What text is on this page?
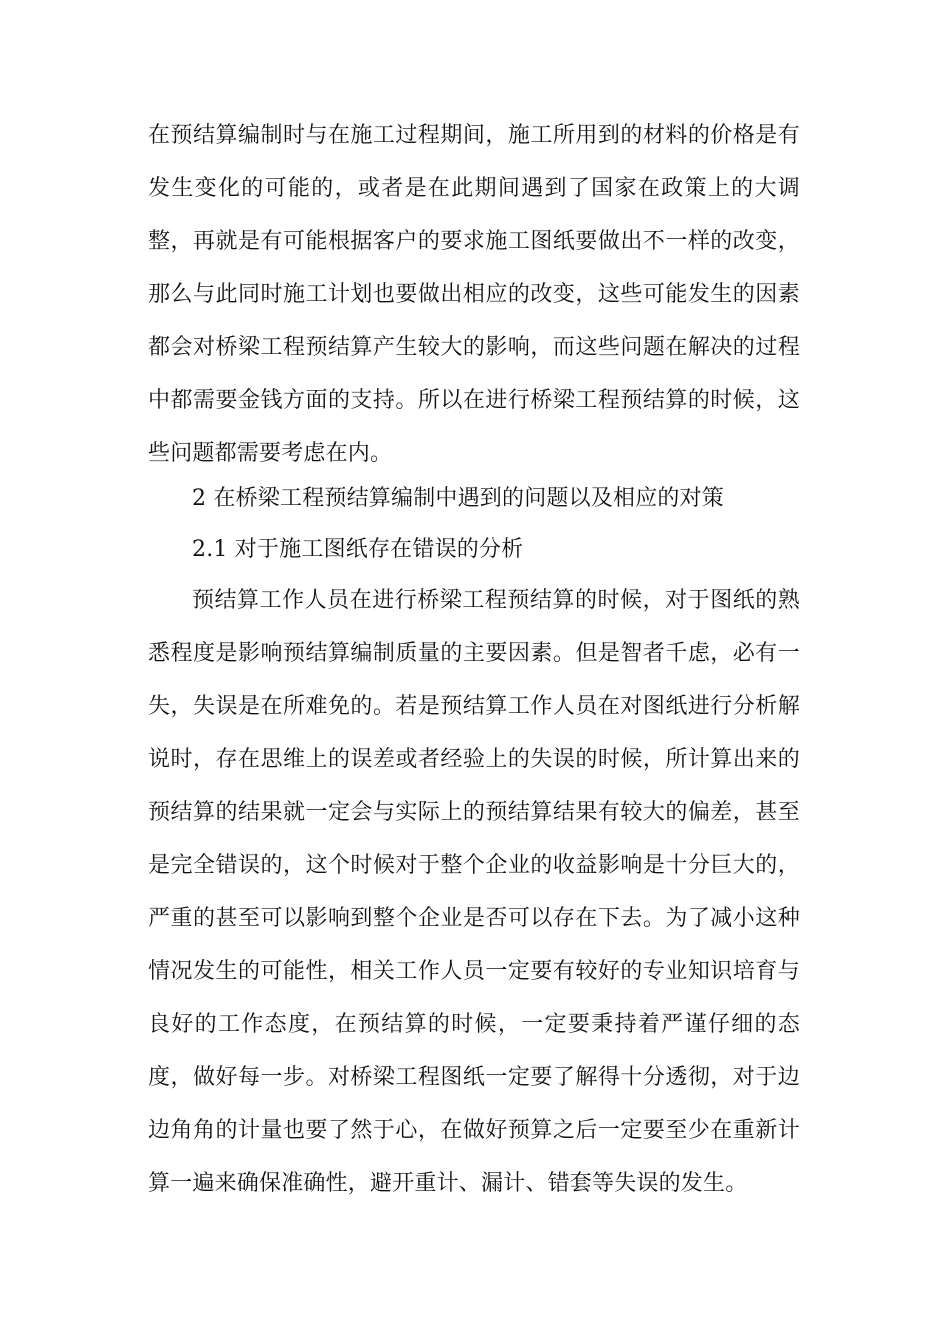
在预结算编制时与在施工过程期间，施工所用到的材料的价格是有
发生变化的可能的，或者是在此期间遇到了国家在政策上的大调
整，再就是有可能根据客户的要求施工图纸要做出不一样的改变，
那么与此同时施工计划也要做出相应的改变，这些可能发生的因素
都会对桥梁工程预结算产生较大的影响，而这些问题在解决的过程
中都需要金钱方面的支持。所以在进行桥梁工程预结算的时候，这
些问题都需要考虑在内。
2 在桥梁工程预结算编制中遇到的问题以及相应的对策
2.1 对于施工图纸存在错误的分析
预结算工作人员在进行桥梁工程预结算的时候，对于图纸的熟
悉程度是影响预结算编制质量的主要因素。但是智者千虑，必有一
失，失误是在所难免的。若是预结算工作人员在对图纸进行分析解
说时，存在思维上的误差或者经验上的失误的时候，所计算出来的
预结算的结果就一定会与实际上的预结算结果有较大的偏差，甚至
是完全错误的，这个时候对于整个企业的收益影响是十分巨大的，
严重的甚至可以影响到整个企业是否可以存在下去。为了减小这种
情况发生的可能性，相关工作人员一定要有较好的专业知识培育与
良好的工作态度，在预结算的时候，一定要秉持着严谨仔细的态
度，做好每一步。对桥梁工程图纸一定要了解得十分透彻，对于边
边角角的计量也要了然于心，在做好预算之后一定要至少在重新计
算一遍来确保准确性，避开重计、漏计、错套等失误的发生。
